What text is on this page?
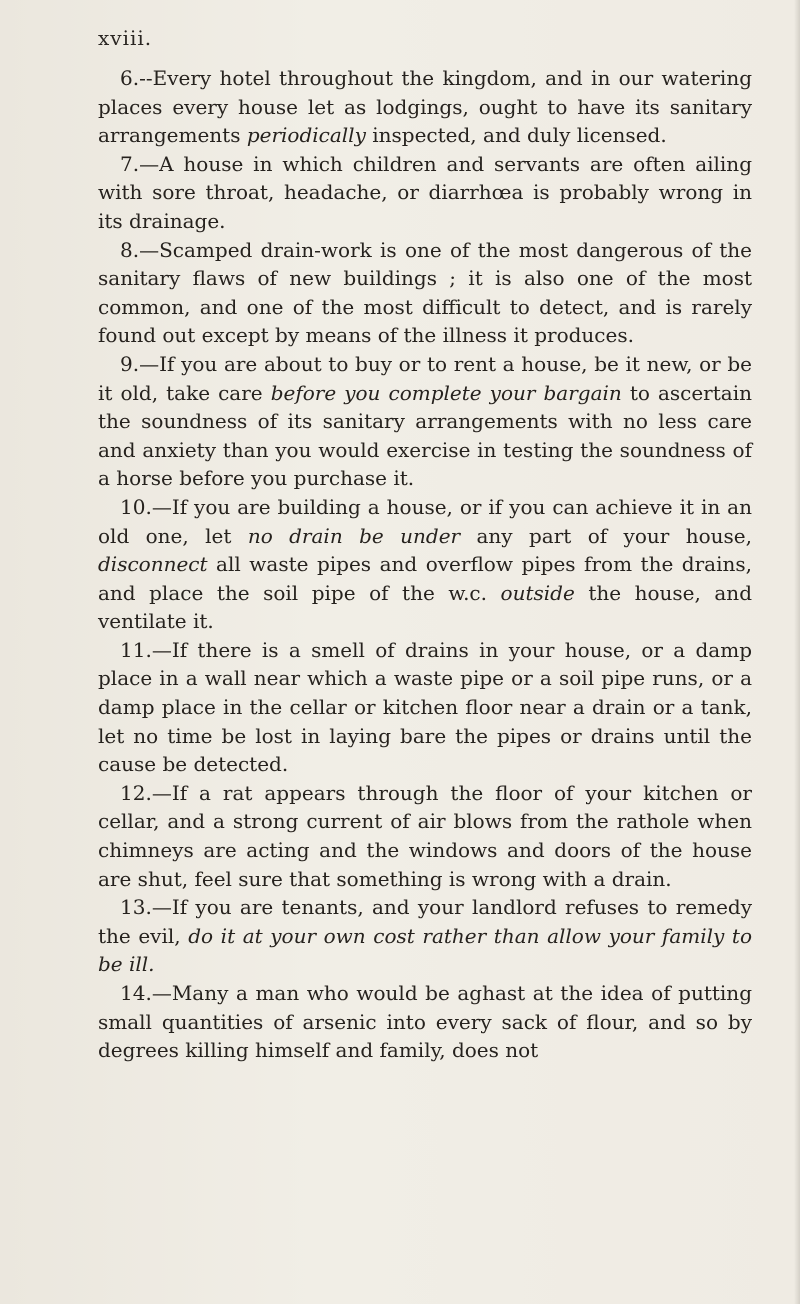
xviii.

6.--Every hotel throughout the kingdom, and in our watering places every house let as lodgings, ought to have its sanitary arrangements periodically inspected, and duly licensed.

7.—A house in which children and servants are often ailing with sore throat, headache, or diarrhœa is probably wrong in its drainage.

8.—Scamped drain-work is one of the most dangerous of the sanitary flaws of new buildings ; it is also one of the most common, and one of the most difficult to detect, and is rarely found out except by means of the illness it produces.

9.—If you are about to buy or to rent a house, be it new, or be it old, take care before you complete your bargain to ascertain the soundness of its sanitary arrangements with no less care and anxiety than you would exercise in testing the soundness of a horse before you purchase it.

10.—If you are building a house, or if you can achieve it in an old one, let no drain be under any part of your house, disconnect all waste pipes and overflow pipes from the drains, and place the soil pipe of the w.c. outside the house, and ventilate it.

11.—If there is a smell of drains in your house, or a damp place in a wall near which a waste pipe or a soil pipe runs, or a damp place in the cellar or kitchen floor near a drain or a tank, let no time be lost in laying bare the pipes or drains until the cause be detected.

12.—If a rat appears through the floor of your kitchen or cellar, and a strong current of air blows from the rathole when chimneys are acting and the windows and doors of the house are shut, feel sure that something is wrong with a drain.

13.—If you are tenants, and your landlord refuses to remedy the evil, do it at your own cost rather than allow your family to be ill.

14.—Many a man who would be aghast at the idea of putting small quantities of arsenic into every sack of flour, and so by degrees killing himself and family, does not
